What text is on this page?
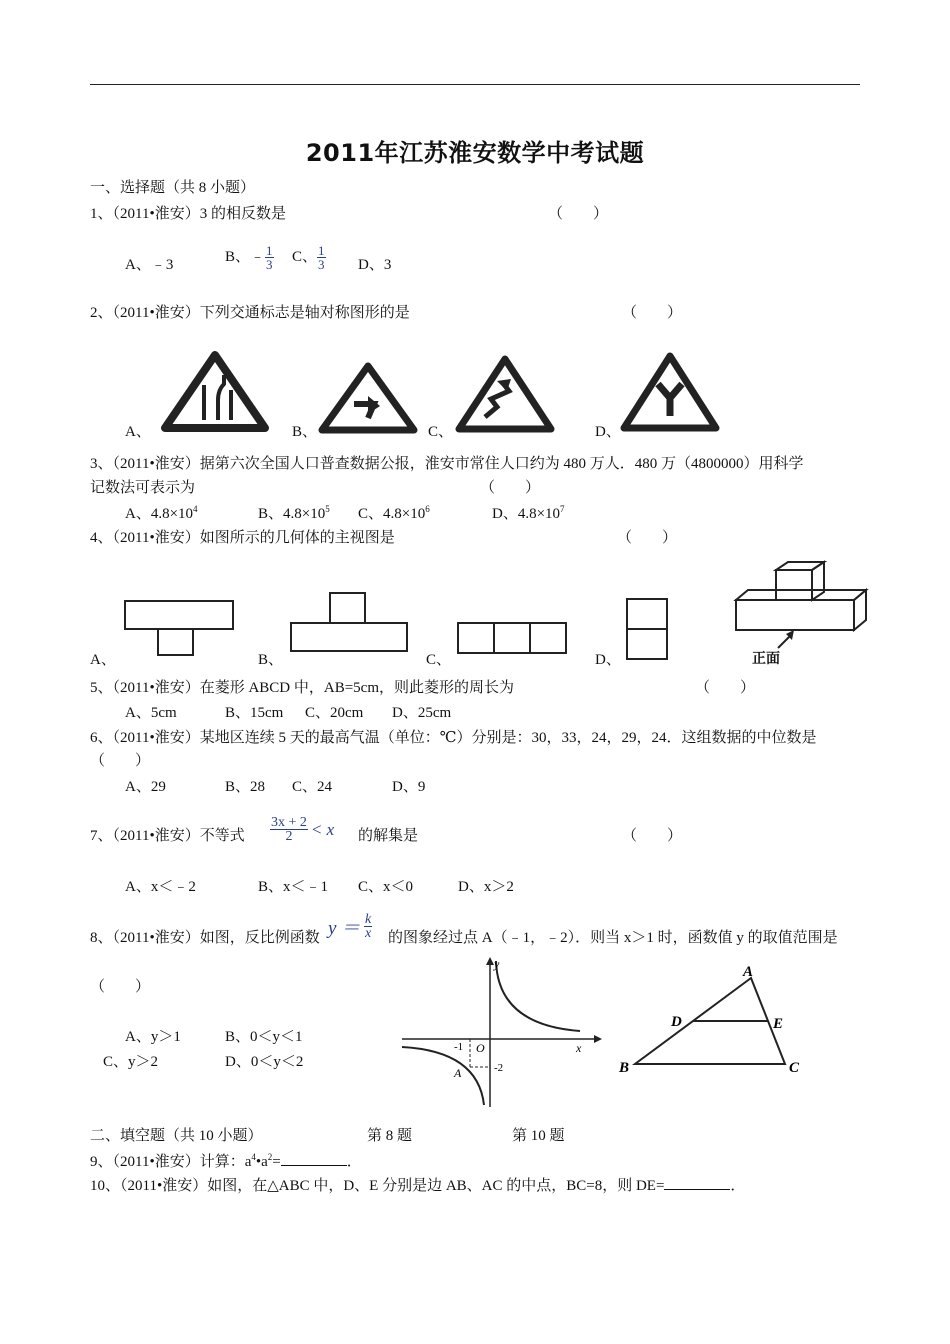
2011年江苏淮安数学中考试题
一、选择题（共 8 小题）
1、（2011•淮安）3 的相反数是	（　　）
A、﹣3
B、﹣ $\frac{1}{3}$ C、 $\frac{1}{3}$ D、3
2、（2011•淮安）下列交通标志是轴对称图形的是	（　　）
A、	B、	C、	D、
3、（2011•淮安）据第六次全国人口普查数据公报，淮安市常住人口约为 480 万人．480 万（4800000）用科学
记数法可表示为	（　　）
A、$4.8\times 10^4$	B、$4.8\times 10^5$ C、$4.8\times 10^6$	D、$4.8\times 10^7$
4、（2011•淮安）如图所示的几何体的主视图是	（　　）
A、	B、	C、	D、	正面
5、（2011•淮安）在菱形 ABCD 中，AB=5cm，则此菱形的周长为	（　　）
A、5cm	B、15cm C、20cm D、25cm
6、（2011•淮安）某地区连续 5 天的最高气温（单位：℃）分别是：30，33，24，29，24．这组数据的中位数是
（　　）
A、29	B、28 C、24	D、9
7、（2011•淮安）不等式 $\frac{3x + 2}{2} < x$ 的解集是	（　　）
A、x＜﹣2	B、x＜﹣1 C、x＜0	D、x＞2
8、（2011•淮安）如图，反比例函数 $y = \frac{k}{x}$ 的图象经过点 A（﹣1，﹣2）．则当 x＞1 时，函数值 y 的取值范围是
（　　）
A、y＞1	B、0＜y＜1
C、y＞2	D、0＜y＜2
y
x
O
-1
-2
A
A
B	C
D	E
二、填空题（共 10 小题）	第 8 题	第 10 题
9、（2011•淮安）计算：$a^4•a^2=$	．
10、（2011•淮安）如图，在△ABC 中，D、E 分别是边 AB、AC 的中点，BC=8，则 DE=	．
